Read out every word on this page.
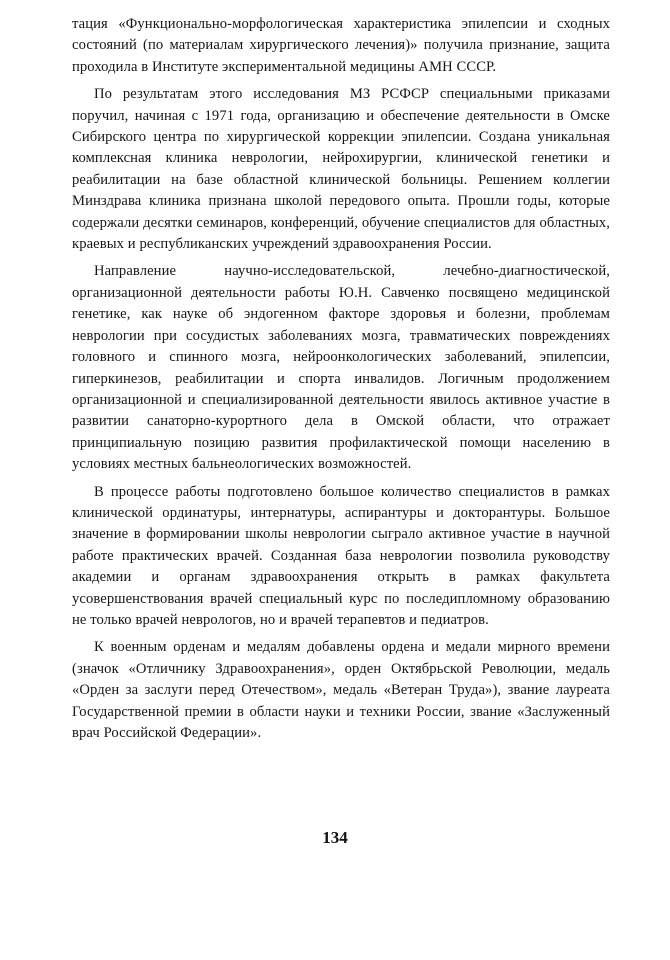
тация «Функционально-морфологическая характеристика эпилепсии и сходных состояний (по материалам хирургического лечения)» получила признание, защита проходила в Институте экспериментальной медицины АМН СССР.

По результатам этого исследования МЗ РСФСР специальными приказами поручил, начиная с 1971 года, организацию и обеспечение деятельности в Омске Сибирского центра по хирургической коррекции эпилепсии. Создана уникальная комплексная клиника неврологии, нейрохирургии, клинической генетики и реабилитации на базе областной клинической больницы. Решением коллегии Минздрава клиника признана школой передового опыта. Прошли годы, которые содержали десятки семинаров, конференций, обучение специалистов для областных, краевых и республиканских учреждений здравоохранения России.

Направление научно-исследовательской, лечебно-диагностической, организационной деятельности работы Ю.Н. Савченко посвящено медицинской генетике, как науке об эндогенном факторе здоровья и болезни, проблемам неврологии при сосудистых заболеваниях мозга, травматических повреждениях головного и спинного мозга, нейроонкологических заболеваний, эпилепсии, гиперкинезов, реабилитации и спорта инвалидов. Логичным продолжением организационной и специализированной деятельности явилось активное участие в развитии санаторно-курортного дела в Омской области, что отражает принципиальную позицию развития профилактической помощи населению в условиях местных бальнеологических возможностей.

В процессе работы подготовлено большое количество специалистов в рамках клинической ординатуры, интернатуры, аспирантуры и докторантуры. Большое значение в формировании школы неврологии сыграло активное участие в научной работе практических врачей. Созданная база неврологии позволила руководству академии и органам здравоохранения открыть в рамках факультета усовершенствования врачей специальный курс по последипломному образованию не только врачей неврологов, но и врачей терапевтов и педиатров.

К военным орденам и медалям добавлены ордена и медали мирного времени (значок «Отличнику Здравоохранения», орден Октябрьской Революции, медаль «Орден за заслуги перед Отечеством», медаль «Ветеран Труда»), звание лауреата Государственной премии в области науки и техники России, звание «Заслуженный врач Российской Федерации».

134
